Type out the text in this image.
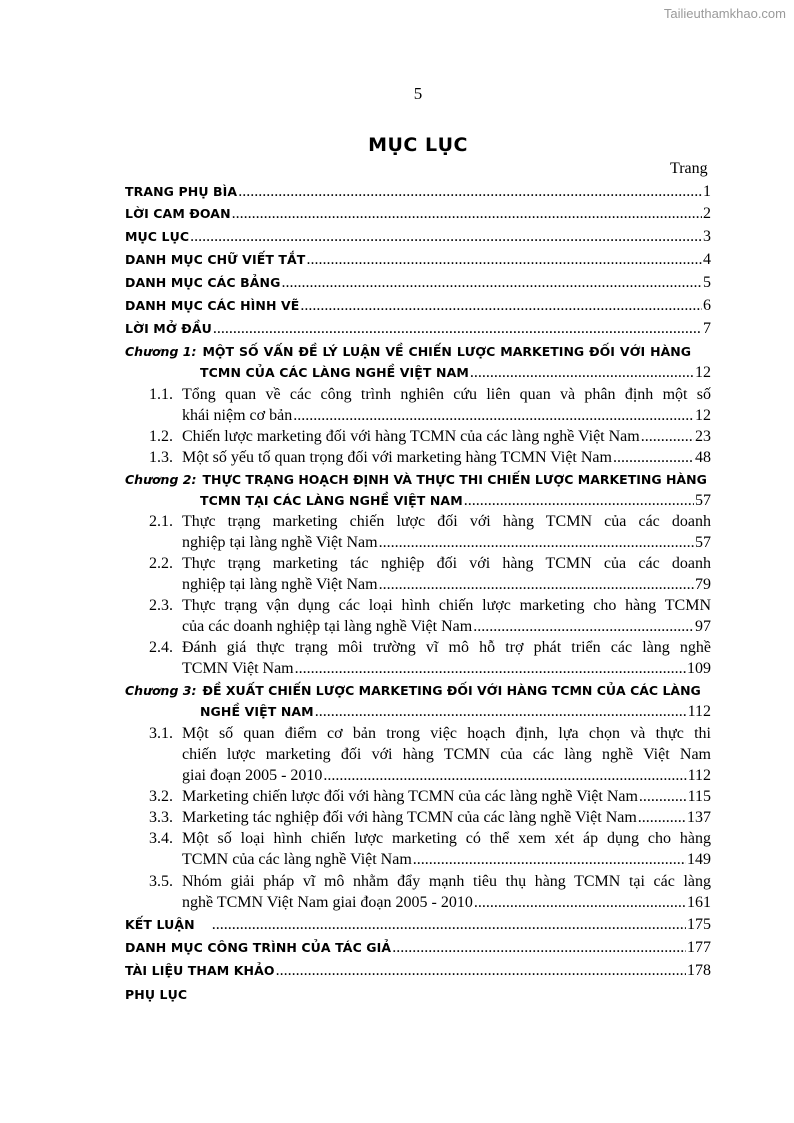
Tailieuthamkhao.com
5
MỤC LỤC
Trang
TRANG PHỤ BÌA .....	1
LỜI CAM ĐOAN .....	2
MỤC LỤC .....	3
DANH MỤC CHỮ VIẾT TẮT .....	4
DANH MỤC CÁC BẢNG .....	5
DANH MỤC CÁC HÌNH VẼ .....	6
LỜI MỞ ĐẦU .....	7
Chương 1: MỘT SỐ VẤN ĐỀ LÝ LUẬN VỀ CHIẾN LƯỢC MARKETING ĐỐI VỚI HÀNG
TCMN CỦA CÁC LÀNG NGHỀ VIỆT NAM .....	12
1.1. Tổng quan về các công trình nghiên cứu liên quan và phân định một số
khái niệm cơ bản .....	12
1.2. Chiến lược marketing đối với hàng TCMN của các làng nghề Việt Nam .....	23
1.3. Một số yếu tố quan trọng đối với marketing hàng TCMN Việt Nam .....	48
Chương 2: THỰC TRẠNG HOẠCH ĐỊNH VÀ THỰC THI CHIẾN LƯỢC MARKETING HÀNG
TCMN TẠI CÁC LÀNG NGHỀ VIỆT NAM .....	57
2.1. Thực trạng marketing chiến lược đối với hàng TCMN của các doanh
nghiệp tại làng nghề Việt Nam .....	57
2.2. Thực trạng marketing tác nghiệp đối với hàng TCMN của các doanh
nghiệp tại làng nghề Việt Nam .....	79
2.3. Thực trạng vận dụng các loại hình chiến lược marketing cho hàng TCMN
của các doanh nghiệp tại làng nghề Việt Nam .....	97
2.4. Đánh giá thực trạng môi trường vĩ mô hỗ trợ phát triển các làng nghề
TCMN Việt Nam .....	109
Chương 3: ĐỀ XUẤT CHIẾN LƯỢC MARKETING ĐỐI VỚI HÀNG TCMN CỦA CÁC LÀNG
NGHỀ VIỆT NAM .....	112
3.1. Một số quan điểm cơ bản trong việc hoạch định, lựa chọn và thực thi
chiến lược marketing đối với hàng TCMN của các làng nghề Việt Nam
giai đoạn 2005 - 2010 .....	112
3.2. Marketing chiến lược đối với hàng TCMN của các làng nghề Việt Nam .....	115
3.3. Marketing tác nghiệp đối với hàng TCMN của các làng nghề Việt Nam .....	137
3.4. Một số loại hình chiến lược marketing có thể xem xét áp dụng cho hàng
TCMN của các làng nghề Việt Nam .....	149
3.5. Nhóm giải pháp vĩ mô nhằm đẩy mạnh tiêu thụ hàng TCMN tại các làng
nghề TCMN Việt Nam giai đoạn 2005 - 2010 .....	161
KẾT LUẬN .....	175
DANH MỤC CÔNG TRÌNH CỦA TÁC GIẢ .....	177
TÀI LIỆU THAM KHẢO .....	178
PHỤ LỤC
